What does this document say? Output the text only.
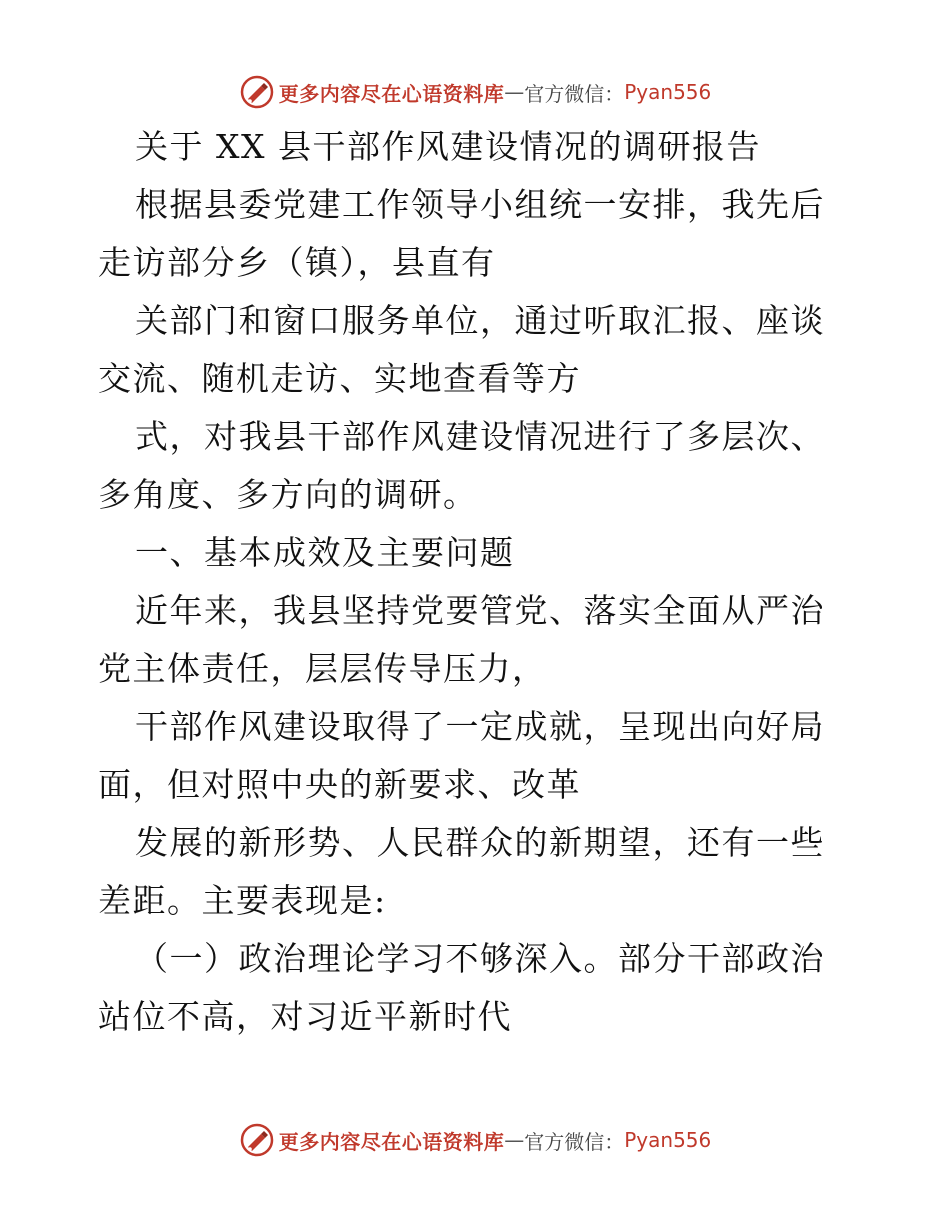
更多内容尽在心语资料库 — 官方微信： Pyan556

关于 XX 县干部作风建设情况的调研报告

根据县委党建工作领导小组统一安排，我先后走访部分乡（镇），县直有

关部门和窗口服务单位，通过听取汇报、座谈交流、随机走访、实地查看等方

式，对我县干部作风建设情况进行了多层次、多角度、多方向的调研。

一、基本成效及主要问题

近年来，我县坚持党要管党、落实全面从严治党主体责任，层层传导压力，

干部作风建设取得了一定成就，呈现出向好局面，但对照中央的新要求、改革

发展的新形势、人民群众的新期望，还有一些差距。主要表现是:

（一）政治理论学习不够深入。部分干部政治站位不高，对习近平新时代

更多内容尽在心语资料库 — 官方微信： Pyan556
